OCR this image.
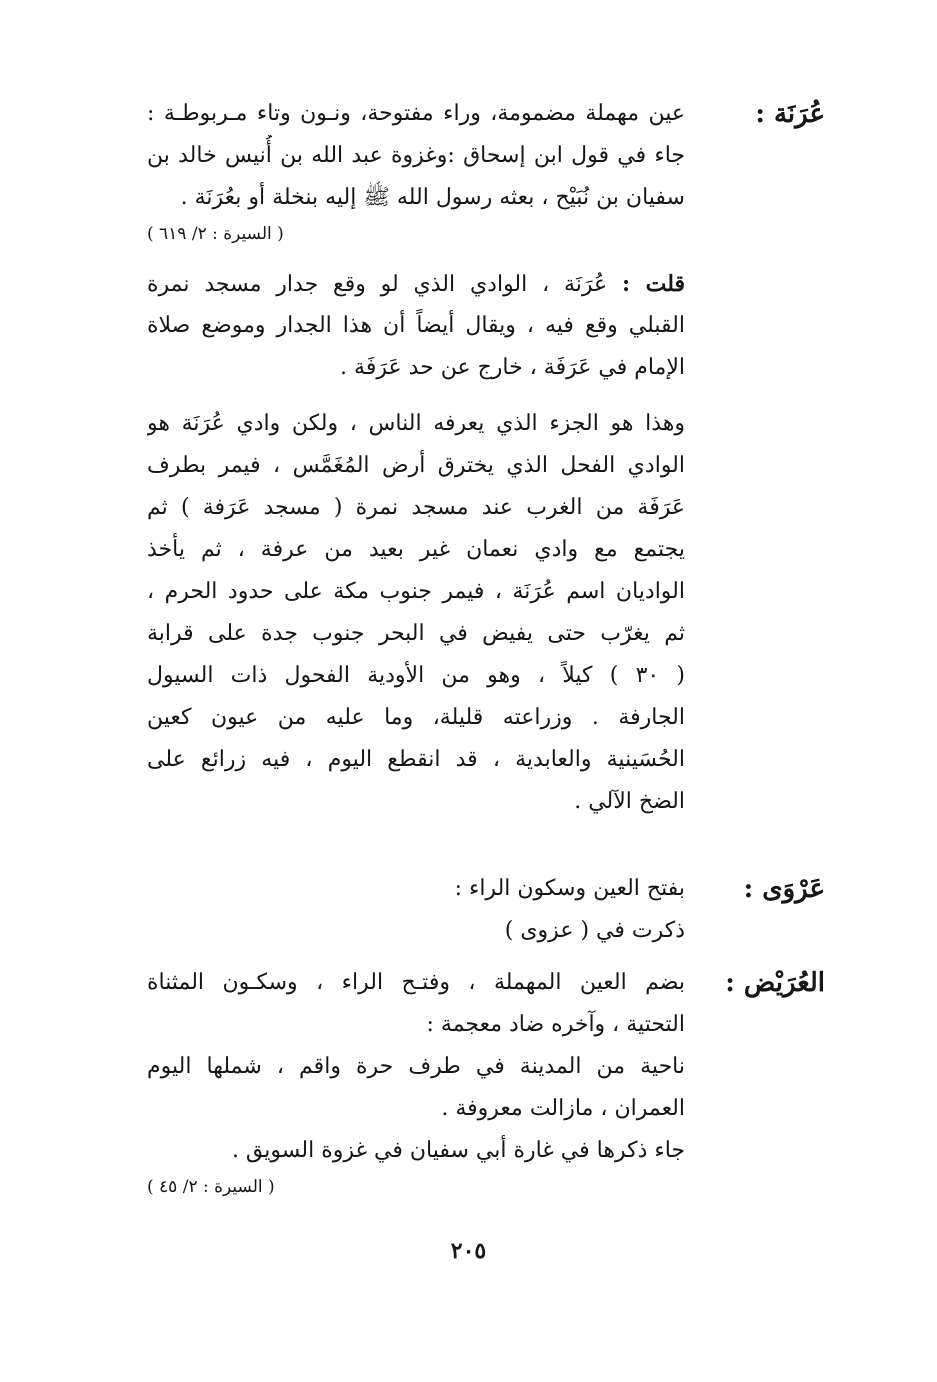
عُرَنَة :
عين مهملة مضمومة، وراء مفتوحة، ونـون وتاء مـربوطـة :
جاء في قول ابن إسحاق :وغزوة عبد الله بن أُنيس خالد بن
سفيان بن نُبَيْح ، بعثه رسول الله ﷺ إليه بنخلة أو بعُرَنَة .
( السيرة : ٢/ ٦١٩ )
قلت : عُرَنَة ، الوادي الذي لو وقع جدار مسجد نمرة
القبلي وقع فيه ، ويقال أيضاً أن هذا الجدار وموضع صلاة
الإمام في عَرَفَة ، خارج عن حد عَرَفَة .
وهذا هو الجزء الذي يعرفه الناس ، ولكن وادي عُرَنَة هو
الوادي الفحل الذي يخترق أرض المُغَمَّس ، فيمر بطرف
عَرَفَة من الغرب عند مسجد نمرة ( مسجد عَرَفة ) ثم
يجتمع مع وادي نعمان غير بعيد من عرفة ، ثم يأخذ
الواديان اسم عُرَنَة ، فيمر جنوب مكة على حدود الحرم ،
ثم يغرّب حتى يفيض في البحر جنوب جدة على قرابة
( ٣٠ ) كيلاً ، وهو من الأودية الفحول ذات السيول
الجارفة . وزراعته قليلة، وما عليه من عيون كعين
الحُسَينية والعابدية ، قد انقطع اليوم ، فيه زرائع على
الضخ الآلي .
عَرْوَى :
بفتح العين وسكون الراء :
ذكرت في ( عزوى )
العُرَيْض :
بضم العين المهملة ، وفتـح الراء ، وسكـون المثناة
التحتية ، وآخره ضاد معجمة :
ناحية من المدينة في طرف حرة واقم ، شملها اليوم
العمران ، مازالت معروفة .
جاء ذكرها في غارة أبي سفيان في غزوة السويق .
( السيرة : ٢/ ٤٥ )
٢٠٥
